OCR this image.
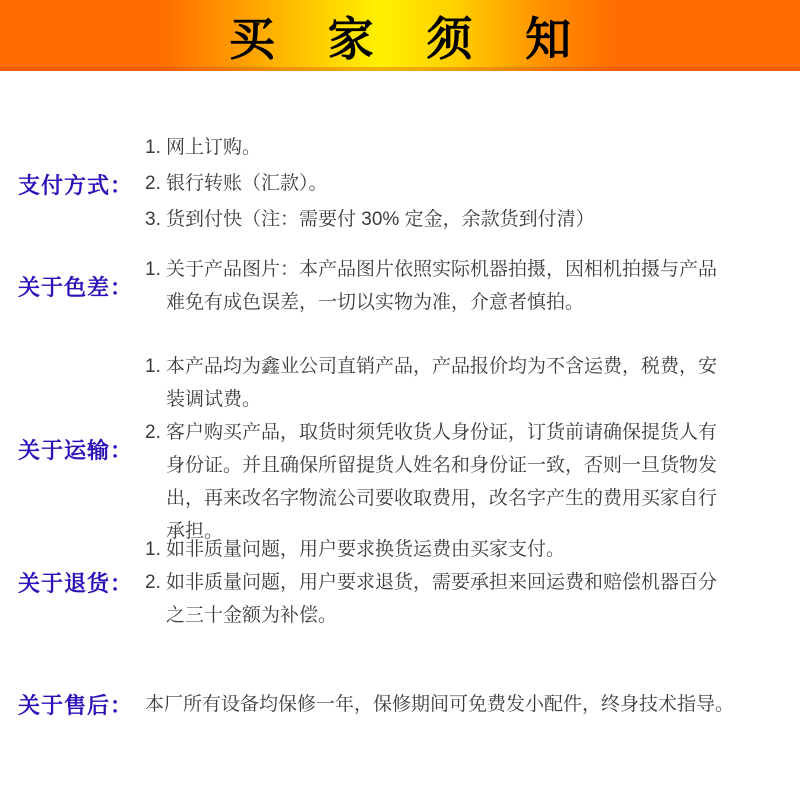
买 家 须 知
支付方式：
1. 网上订购。
2. 银行转账（汇款）。
3. 货到付快（注：需要付 30% 定金，余款货到付清）
关于色差：
1. 关于产品图片：本产品图片依照实际机器拍摄，因相机拍摄与产品难免有成色误差，一切以实物为准，介意者慎拍。
关于运输：
1. 本产品均为鑫业公司直销产品，产品报价均为不含运费，税费，安装调试费。
2. 客户购买产品，取货时须凭收货人身份证，订货前请确保提货人有身份证。并且确保所留提货人姓名和身份证一致，否则一旦货物发出，再来改名字物流公司要收取费用，改名字产生的费用买家自行承担。
关于退货：
1. 如非质量问题，用户要求换货运费由买家支付。
2. 如非质量问题，用户要求退货，需要承担来回运费和赔偿机器百分之三十金额为补偿。
关于售后： 本厂所有设备均保修一年，保修期间可免费发小配件，终身技术指导。
